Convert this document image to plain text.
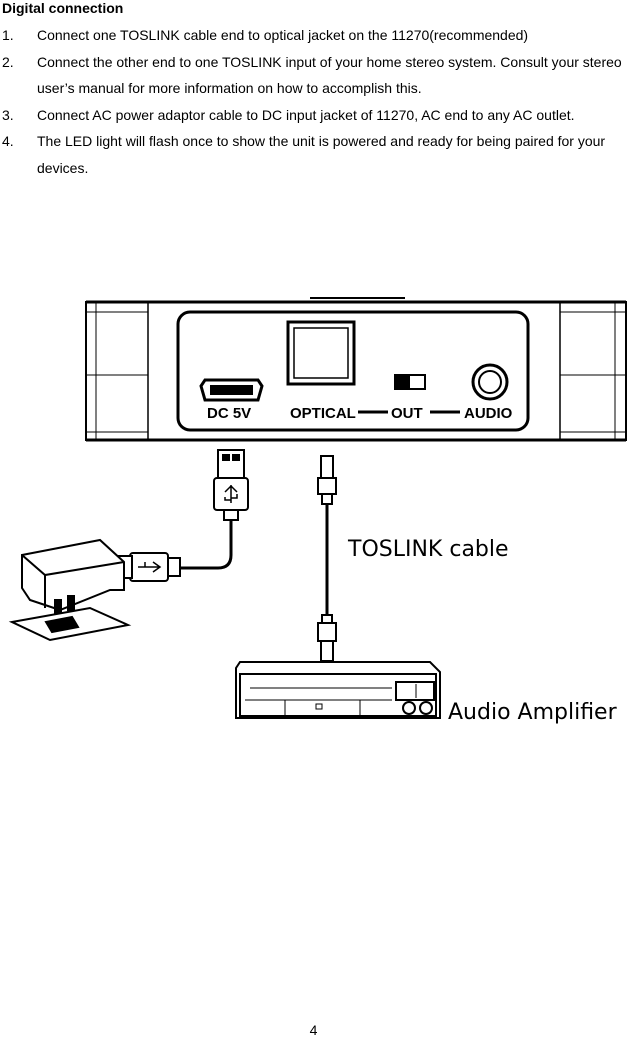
Digital connection
1. Connect one TOSLINK cable end to optical jacket on the 11270(recommended)
2. Connect the other end to one TOSLINK input of your home stereo system. Consult your stereo user’s manual for more information on how to accomplish this.
3. Connect AC power adaptor cable to DC input jacket of 11270, AC end to any AC outlet.
4. The LED light will flash once to show the unit is powered and ready for being paired for your devices.
DC 5V	OPTICAL OUT	AUDIO
TOSLINK cable
Audio Amplifier
4
